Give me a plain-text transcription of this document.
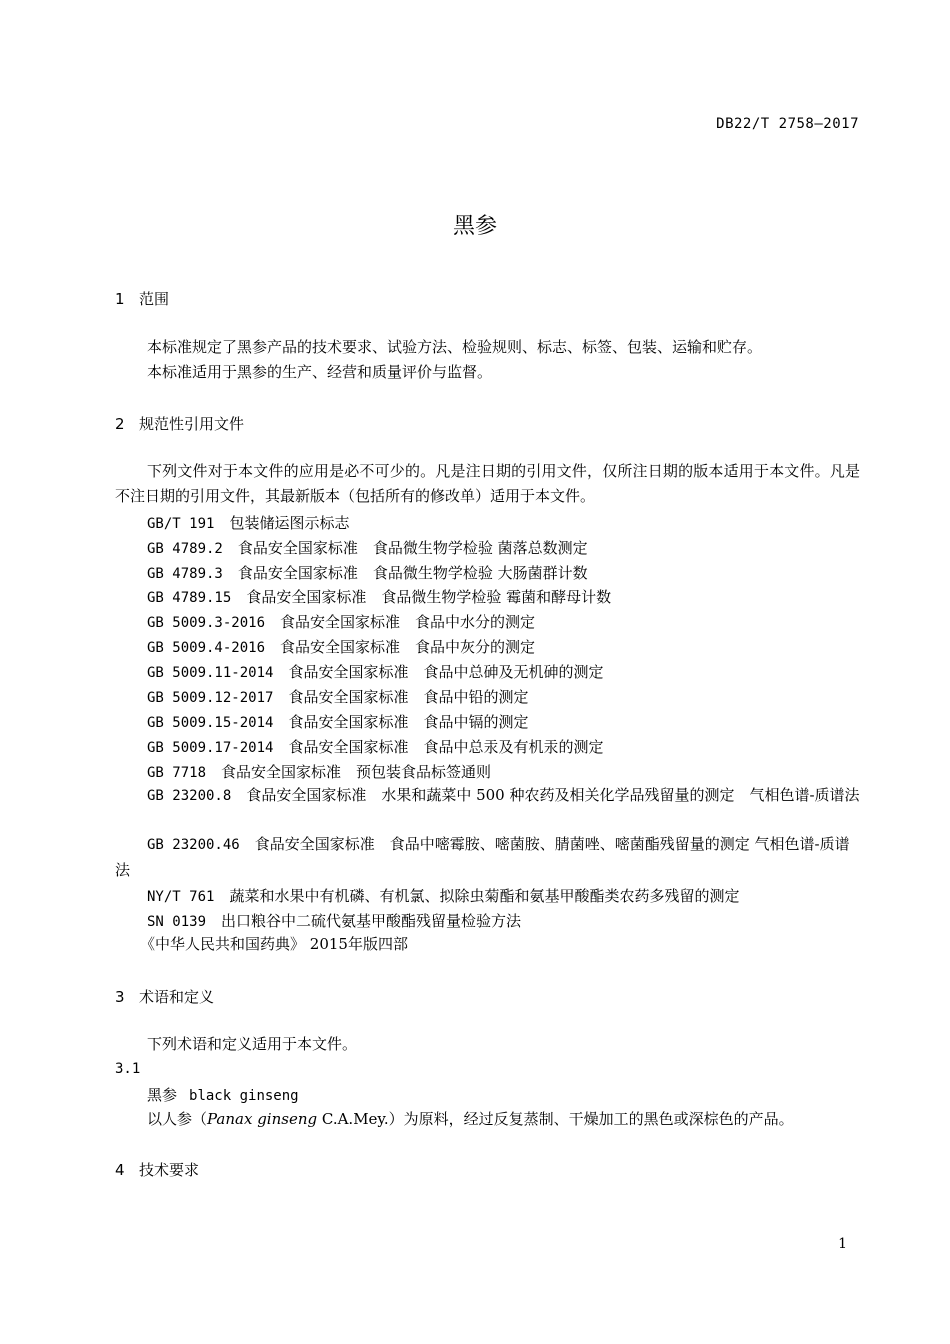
DB22/T 2758—2017
黑参
1 范围
本标准规定了黑参产品的技术要求、试验方法、检验规则、标志、标签、包装、运输和贮存。
本标准适用于黑参的生产、经营和质量评价与监督。
2 规范性引用文件
下列文件对于本文件的应用是必不可少的。凡是注日期的引用文件，仅所注日期的版本适用于本文件。凡是不注日期的引用文件，其最新版本（包括所有的修改单）适用于本文件。
GB/T 191　 包装储运图示标志
GB 4789.2　 食品安全国家标准　食品微生物学检验 菌落总数测定
GB 4789.3　 食品安全国家标准　食品微生物学检验 大肠菌群计数
GB 4789.15　 食品安全国家标准　食品微生物学检验 霉菌和酵母计数
GB 5009.3-2016　 食品安全国家标准　食品中水分的测定
GB 5009.4-2016　 食品安全国家标准　食品中灰分的测定
GB 5009.11-2014　 食品安全国家标准　食品中总砷及无机砷的测定
GB 5009.12-2017　 食品安全国家标准　食品中铅的测定
GB 5009.15-2014　 食品安全国家标准　食品中镉的测定
GB 5009.17-2014　 食品安全国家标准　食品中总汞及有机汞的测定
GB 7718　 食品安全国家标准　预包装食品标签通则
GB 23200.8　 食品安全国家标准　水果和蔬菜中 500 种农药及相关化学品残留量的测定　气相色谱-质谱法
GB 23200.46　 食品安全国家标准　食品中嘧霉胺、嘧菌胺、腈菌唑、嘧菌酯残留量的测定 气相色谱-质谱法
NY/T 761　 蔬菜和水果中有机磷、有机氯、拟除虫菊酯和氨基甲酸酯类农药多残留的测定
SN 0139　 出口粮谷中二硫代氨基甲酸酯残留量检验方法
《中华人民共和国药典》 2015年版四部
3 术语和定义
下列术语和定义适用于本文件。
3.1
黑参 black ginseng
以人参（Panax ginseng C.A.Mey.）为原料，经过反复蒸制、干燥加工的黑色或深棕色的产品。
4 技术要求
1
